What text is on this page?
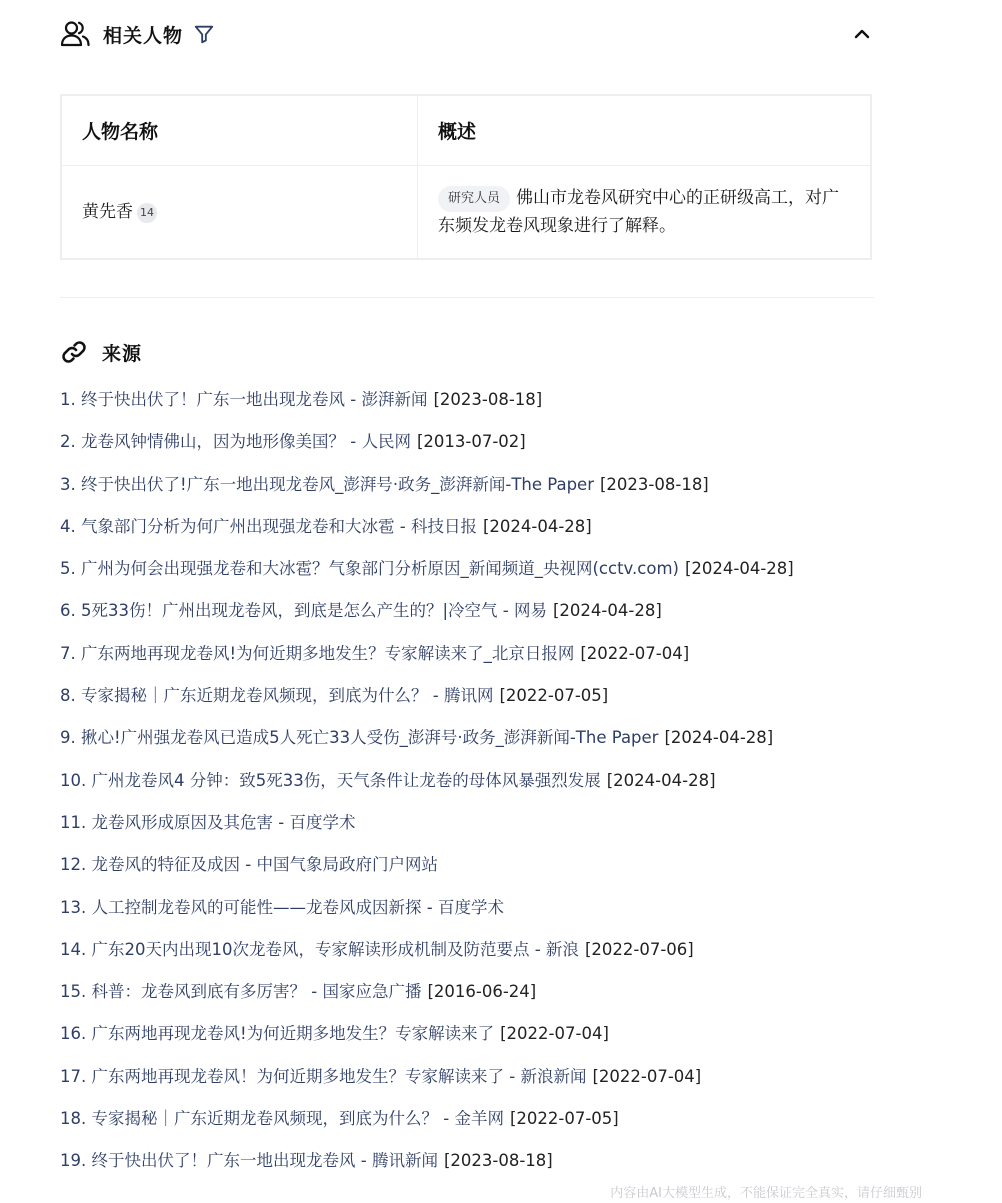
相关人物
人物名称	概述
黄先香 14	研究人员 佛山市龙卷风研究中心的正研级高工，对广东频发龙卷风现象进行了解释。
来源
1. 终于快出伏了！广东一地出现龙卷风 - 澎湃新闻 [2023-08-18]
2. 龙卷风钟情佛山，因为地形像美国？ - 人民网 [2013-07-02]
3. 终于快出伏了!广东一地出现龙卷风_澎湃号·政务_澎湃新闻-The Paper [2023-08-18]
4. 气象部门分析为何广州出现强龙卷和大冰雹 - 科技日报 [2024-04-28]
5. 广州为何会出现强龙卷和大冰雹？气象部门分析原因_新闻频道_央视网(cctv.com) [2024-04-28]
6. 5死33伤！广州出现龙卷风，到底是怎么产生的？|冷空气 - 网易 [2024-04-28]
7. 广东两地再现龙卷风!为何近期多地发生？专家解读来了_北京日报网 [2022-07-04]
8. 专家揭秘｜广东近期龙卷风频现，到底为什么？ - 腾讯网 [2022-07-05]
9. 揪心!广州强龙卷风已造成5人死亡33人受伤_澎湃号·政务_澎湃新闻-The Paper [2024-04-28]
10. 广州龙卷风4 分钟：致5死33伤，天气条件让龙卷的母体风暴强烈发展 [2024-04-28]
11. 龙卷风形成原因及其危害 - 百度学术
12. 龙卷风的特征及成因 - 中国气象局政府门户网站
13. 人工控制龙卷风的可能性——龙卷风成因新探 - 百度学术
14. 广东20天内出现10次龙卷风，专家解读形成机制及防范要点 - 新浪 [2022-07-06]
15. 科普：龙卷风到底有多厉害？ - 国家应急广播 [2016-06-24]
16. 广东两地再现龙卷风!为何近期多地发生？专家解读来了 [2022-07-04]
17. 广东两地再现龙卷风！为何近期多地发生？专家解读来了 - 新浪新闻 [2022-07-04]
18. 专家揭秘｜广东近期龙卷风频现，到底为什么？ - 金羊网 [2022-07-05]
19. 终于快出伏了！广东一地出现龙卷风 - 腾讯新闻 [2023-08-18]
内容由AI大模型生成，不能保证完全真实，请仔细甄别
